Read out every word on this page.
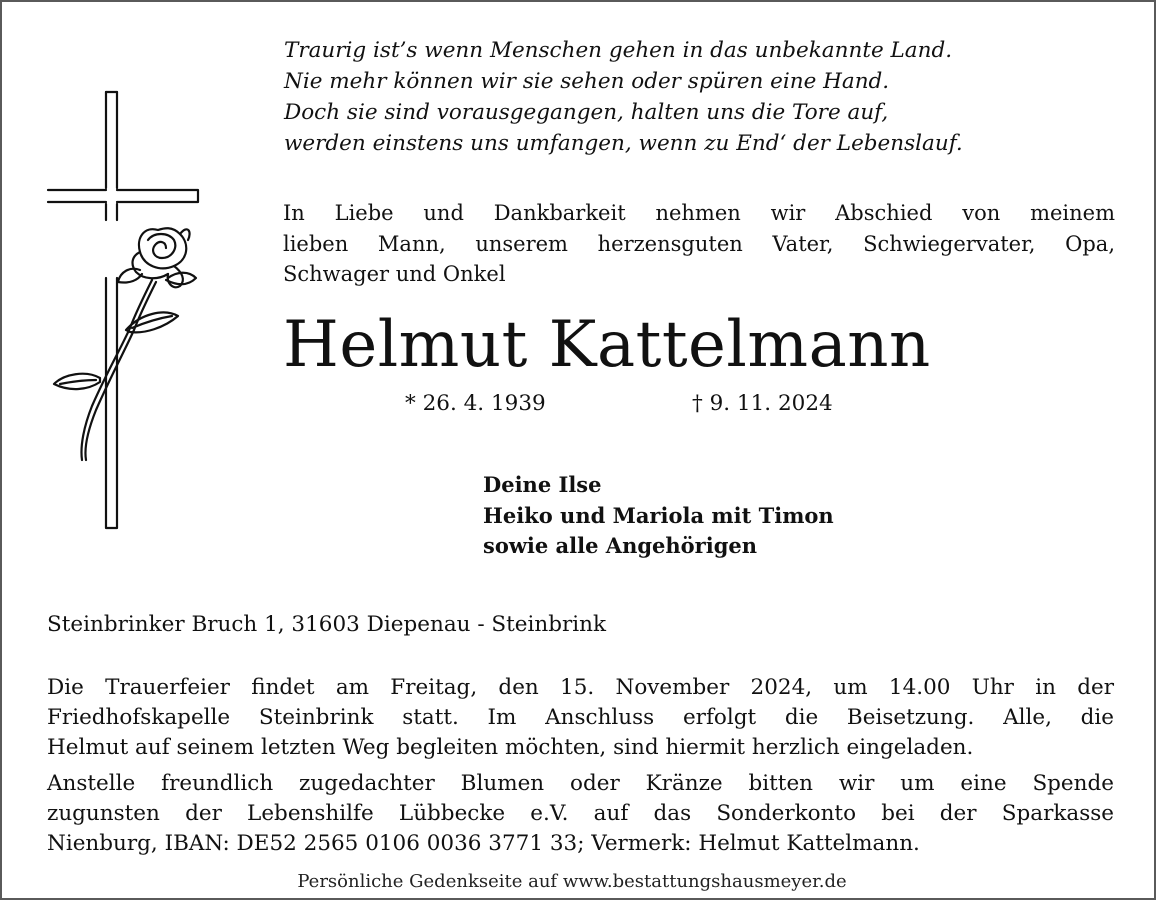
Traurig ist’s wenn Menschen gehen in das unbekannte Land.
Nie mehr können wir sie sehen oder spüren eine Hand.
Doch sie sind vorausgegangen, halten uns die Tore auf,
werden einstens uns umfangen, wenn zu End‘ der Lebenslauf.
In Liebe und Dankbarkeit nehmen wir Abschied von meinem
lieben Mann, unserem herzensguten Vater, Schwiegervater, Opa,
Schwager und Onkel
Helmut Kattelmann
* 26. 4. 1939	† 9. 11. 2024
Deine Ilse
Heiko und Mariola mit Timon
sowie alle Angehörigen
Steinbrinker Bruch 1, 31603 Diepenau - Steinbrink
Die Trauerfeier findet am Freitag, den 15. November 2024, um 14.00 Uhr in der
Friedhofskapelle Steinbrink statt. Im Anschluss erfolgt die Beisetzung. Alle, die
Helmut auf seinem letzten Weg begleiten möchten, sind hiermit herzlich eingeladen.
Anstelle freundlich zugedachter Blumen oder Kränze bitten wir um eine Spende
zugunsten der Lebenshilfe Lübbecke e.V. auf das Sonderkonto bei der Sparkasse
Nienburg, IBAN: DE52 2565 0106 0036 3771 33; Vermerk: Helmut Kattelmann.
Persönliche Gedenkseite auf www.bestattungshausmeyer.de
